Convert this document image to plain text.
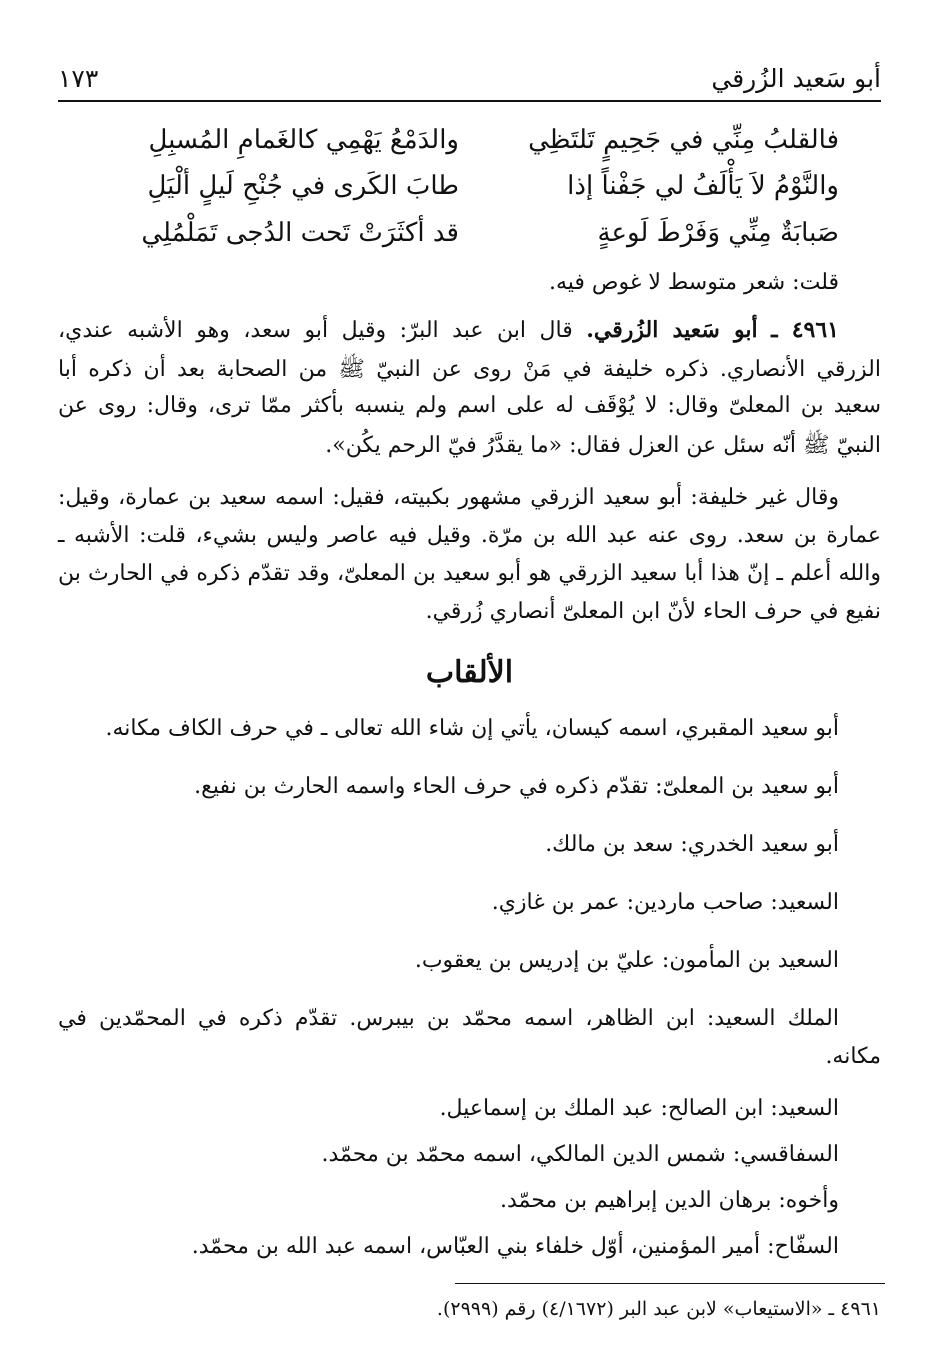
أبو سَعيد الزُرقي
١٧٣
فالقلبُ مِنِّي في جَحِيمٍ تَلتَظِي
والدَمْعُ يَهْمِي كالغَمامِ المُسبِلِ
والنَّوْمُ لاَ يَأْلَفُ لي جَفْناً إذا
طابَ الكَرى في جُنْحِ لَيلٍ ألْيَلِ
صَبابَةٌ مِنِّي وَفَرْطَ لَوعةٍ
قد أكثَرَتْ تَحت الدُجى تَمَلْمُلِي
قلت: شعر متوسط لا غوص فيه.
٤٩٦١ ـ أبو سَعيد الزُرقي. قال ابن عبد البرّ: وقيل أبو سعد، وهو الأشبه عندي،
الزرقي الأنصاري. ذكره خليفة في مَنْ روى عن النبيّ ﷺ من الصحابة بعد أن ذكره أبا
سعيد بن المعلىّ وقال: لا يُوْقَف له على اسم ولم ينسبه بأكثر ممّا ترى، وقال: روى عن
النبيّ ﷺ أنّه سئل عن العزل فقال: «ما يقدَّرُ فيّ الرحم يكُن».
وقال غير خليفة: أبو سعيد الزرقي مشهور بكبيته، فقيل: اسمه سعيد بن عمارة، وقيل:
عمارة بن سعد. روى عنه عبد الله بن مرّة. وقيل فيه عاصر وليس بشيء، قلت: الأشبه ـ
والله أعلم ـ إنّ هذا أبا سعيد الزرقي هو أبو سعيد بن المعلىّ، وقد تقدّم ذكره في الحارث بن
نفيع في حرف الحاء لأنّ ابن المعلىّ أنصاري زُرقي.
الألقاب
أبو سعيد المقبري، اسمه كيسان، يأتي إن شاء الله تعالى ـ في حرف الكاف مكانه.
أبو سعيد بن المعلىّ: تقدّم ذكره في حرف الحاء واسمه الحارث بن نفيع.
أبو سعيد الخدري: سعد بن مالك.
السعيد: صاحب ماردين: عمر بن غازي.
السعيد بن المأمون: عليّ بن إدريس بن يعقوب.
الملك السعيد: ابن الظاهر، اسمه محمّد بن بيبرس. تقدّم ذكره في المحمّدين في
مكانه.
السعيد: ابن الصالح: عبد الملك بن إسماعيل.
السفاقسي: شمس الدين المالكي، اسمه محمّد بن محمّد.
وأخوه: برهان الدين إبراهيم بن محمّد.
السفّاح: أمير المؤمنين، أوّل خلفاء بني العبّاس، اسمه عبد الله بن محمّد.
٤٩٦١ ـ «الاستيعاب» لابن عبد البر (٤/١٦٧٢) رقم (٢٩٩٩).
